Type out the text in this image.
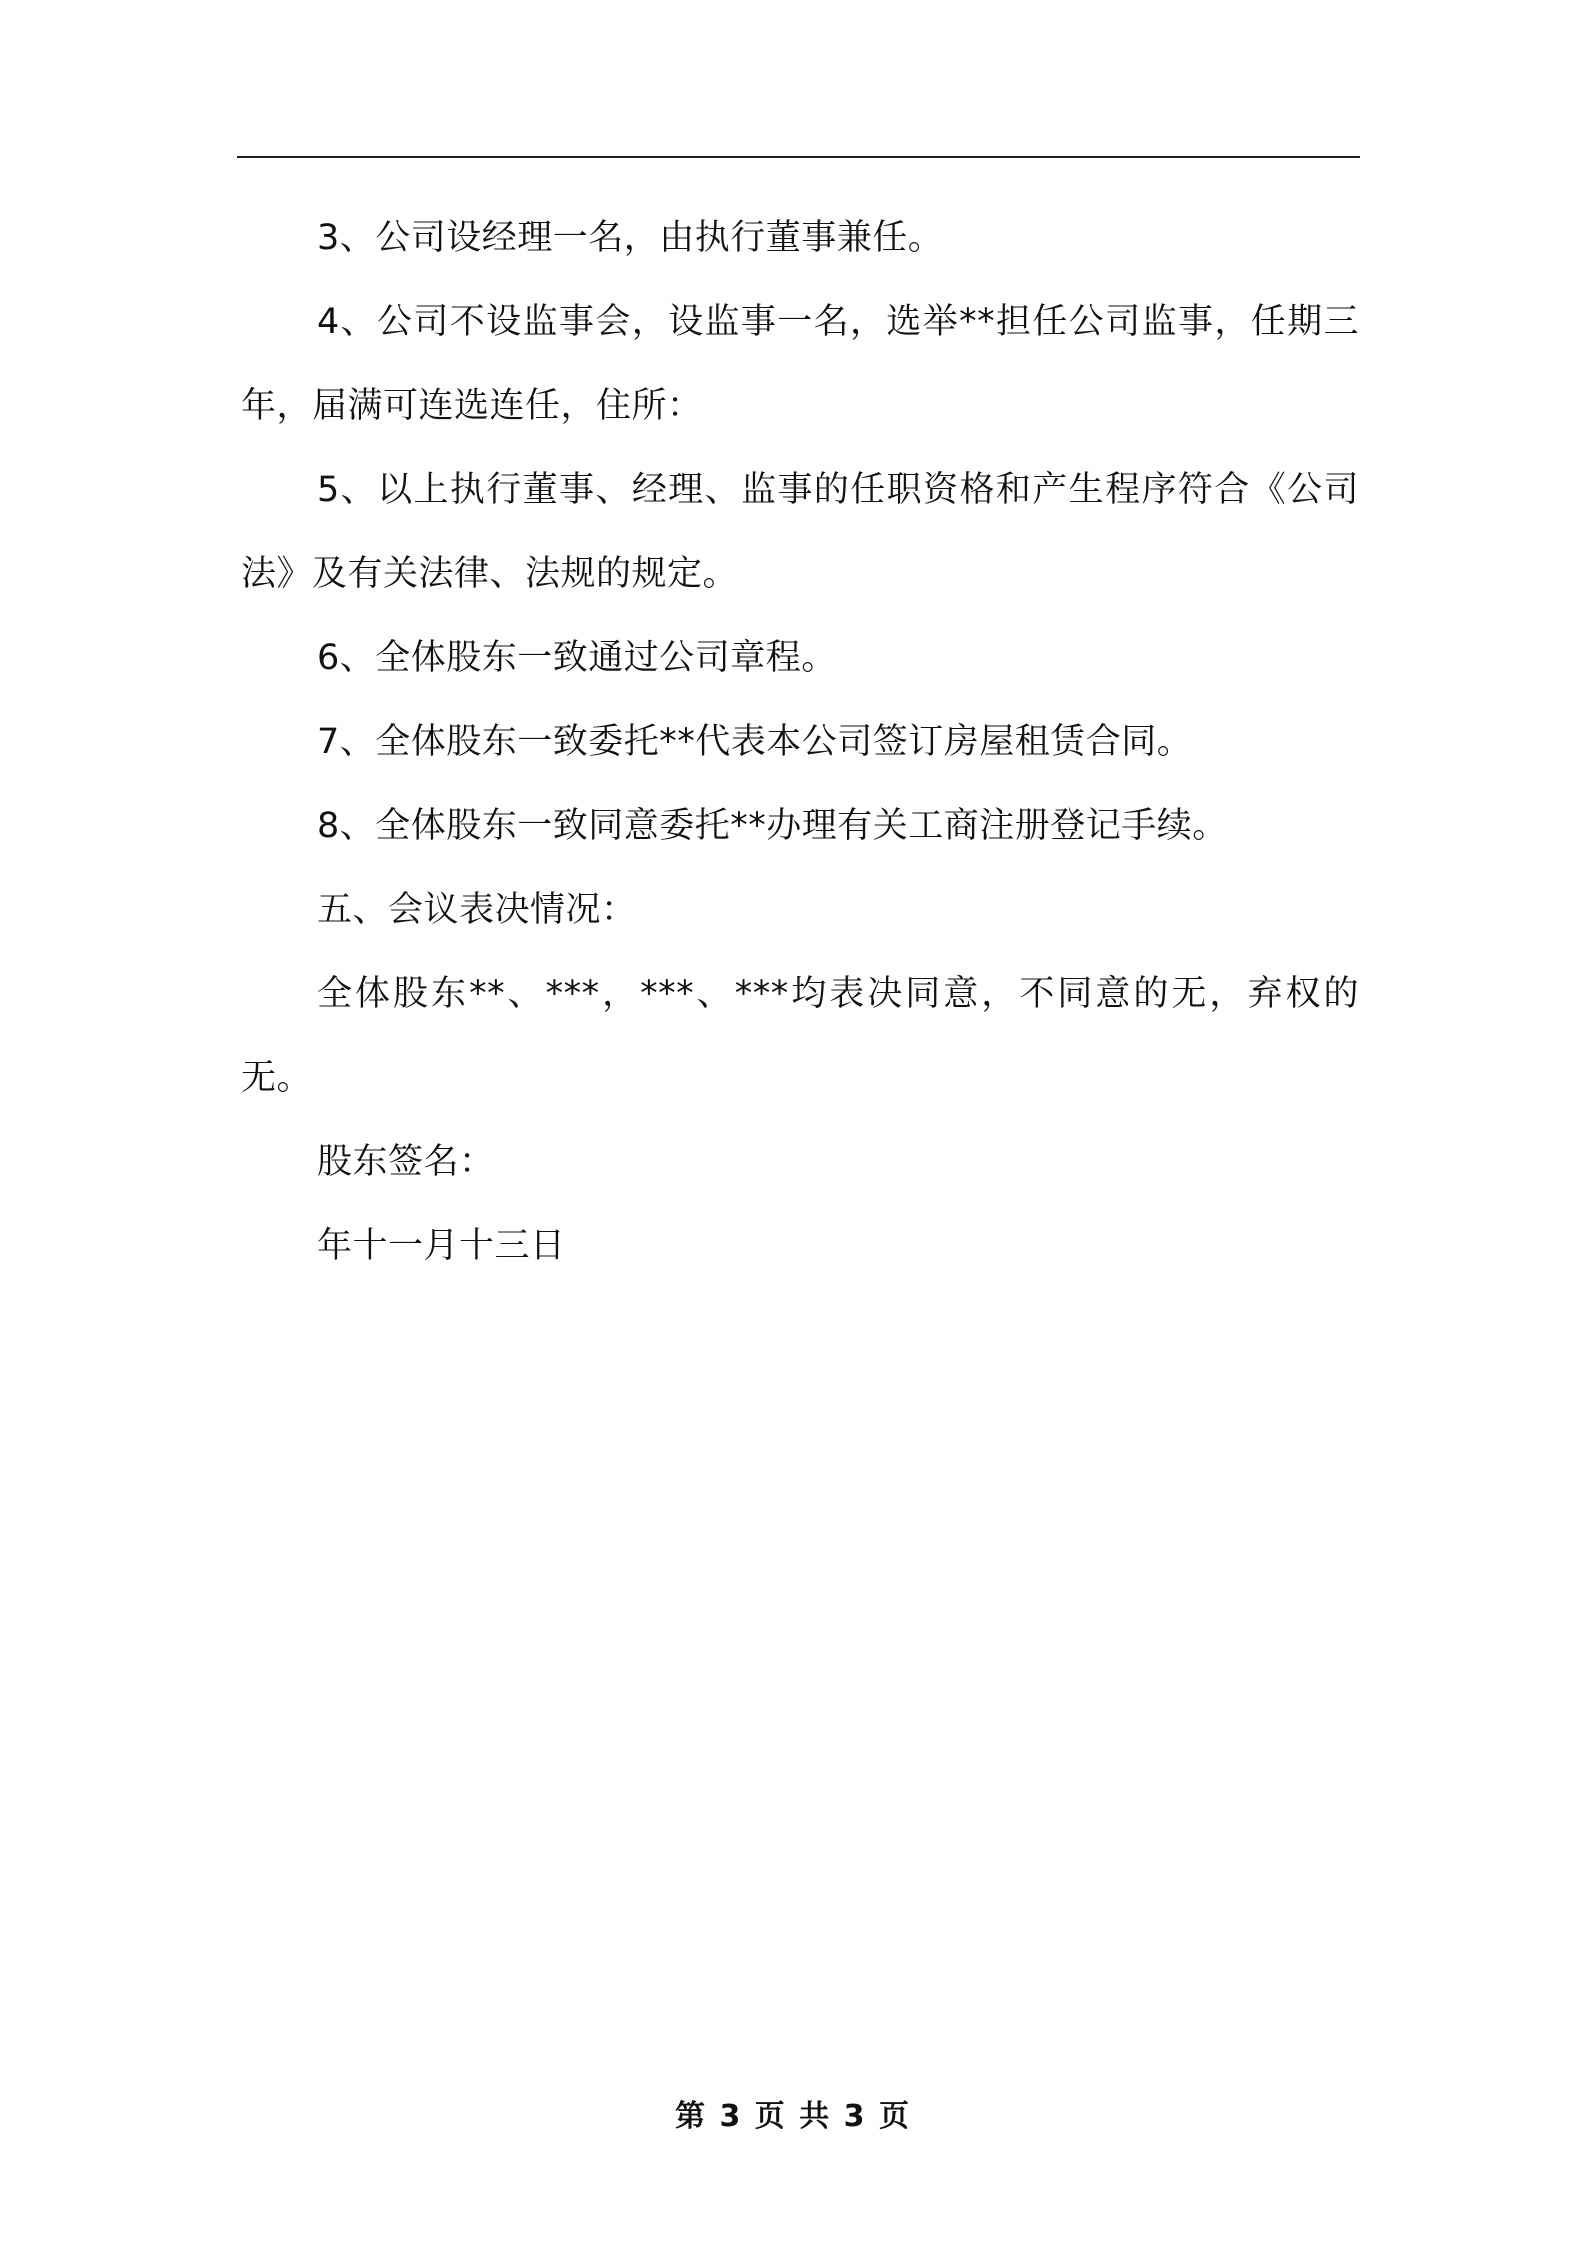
3、公司设经理一名，由执行董事兼任。

4、公司不设监事会，设监事一名，选举**担任公司监事，任期三年，届满可连选连任，住所：

5、以上执行董事、经理、监事的任职资格和产生程序符合《公司法》及有关法律、法规的规定。

6、全体股东一致通过公司章程。

7、全体股东一致委托**代表本公司签订房屋租赁合同。

8、全体股东一致同意委托**办理有关工商注册登记手续。

五、会议表决情况：

全体股东**、***，***、***均表决同意，不同意的无，弃权的无。

股东签名：

年十一月十三日

第 3 页 共 3 页
